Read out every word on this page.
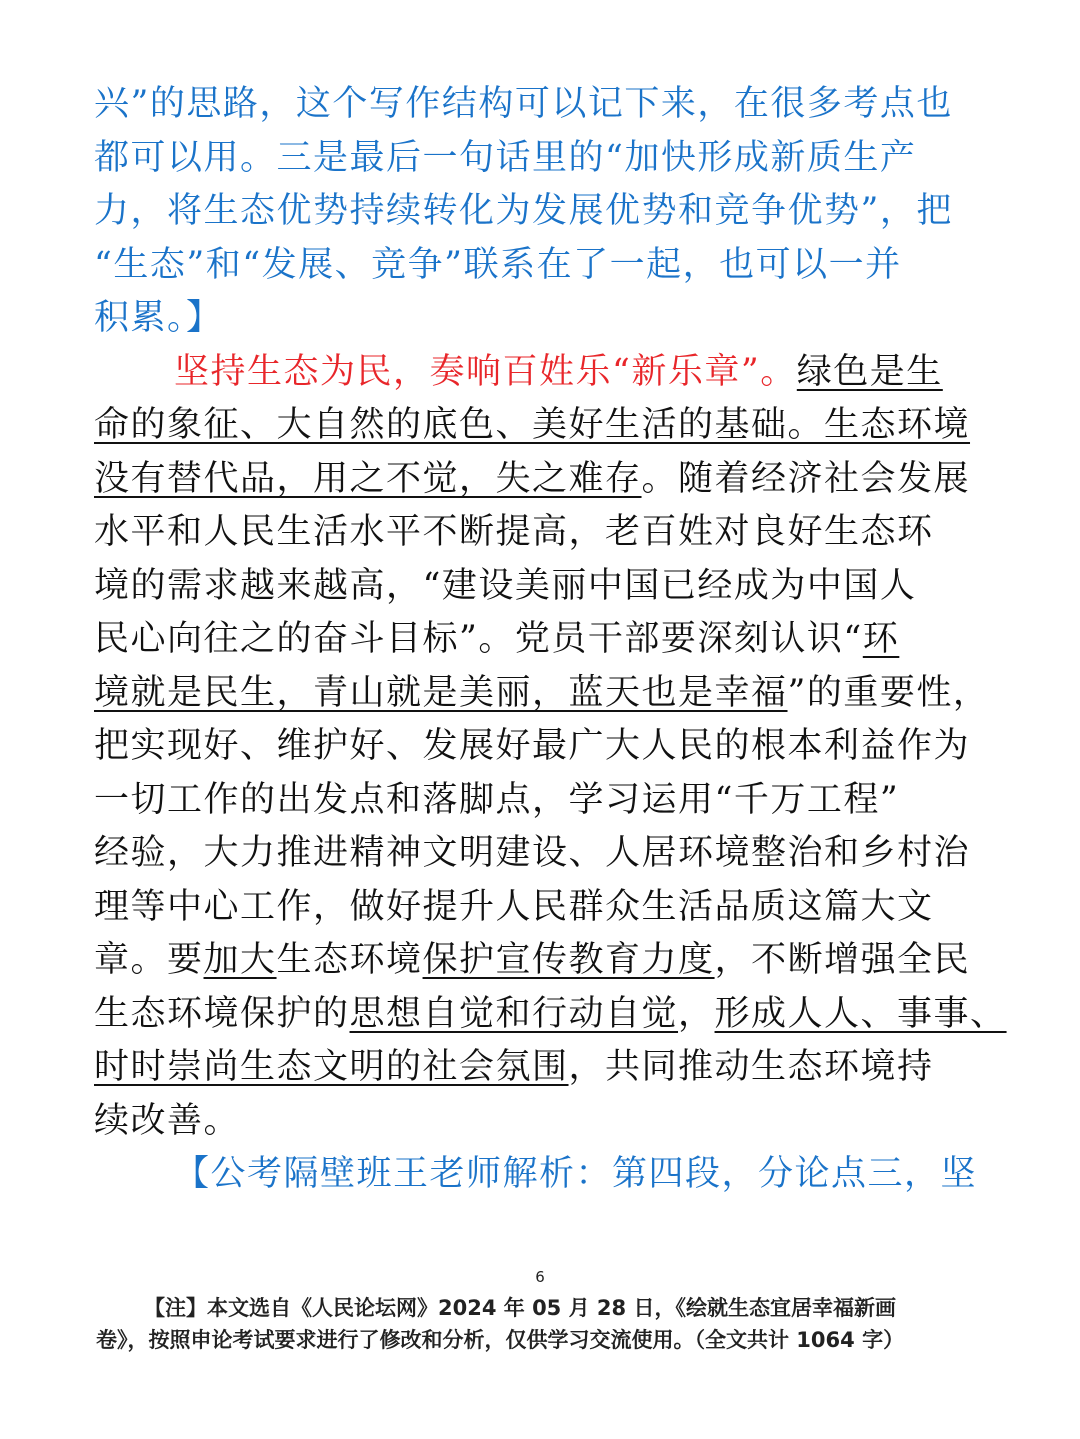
兴”的思路，这个写作结构可以记下来，在很多考点也
都可以用。三是最后一句话里的“加快形成新质生产
力，将生态优势持续转化为发展优势和竞争优势”，把
“生态”和“发展、竞争”联系在了一起，也可以一并
积累。】
坚持生态为民，奏响百姓乐“新乐章”。绿色是生
命的象征、大自然的底色、美好生活的基础。生态环境
没有替代品，用之不觉，失之难存。随着经济社会发展
水平和人民生活水平不断提高，老百姓对良好生态环
境的需求越来越高，“建设美丽中国已经成为中国人
民心向往之的奋斗目标”。党员干部要深刻认识“环
境就是民生，青山就是美丽，蓝天也是幸福”的重要性，
把实现好、维护好、发展好最广大人民的根本利益作为
一切工作的出发点和落脚点，学习运用“千万工程”
经验，大力推进精神文明建设、人居环境整治和乡村治
理等中心工作，做好提升人民群众生活品质这篇大文
章。要加大生态环境保护宣传教育力度，不断增强全民
生态环境保护的思想自觉和行动自觉，形成人人、事事、
时时崇尚生态文明的社会氛围，共同推动生态环境持
续改善。
【公考隔壁班王老师解析：第四段，分论点三，坚
6
【注】本文选自《人民论坛网》2024 年 05 月 28 日，《绘就生态宜居幸福新画
卷》，按照申论考试要求进行了修改和分析，仅供学习交流使用。（全文共计 1064 字）
